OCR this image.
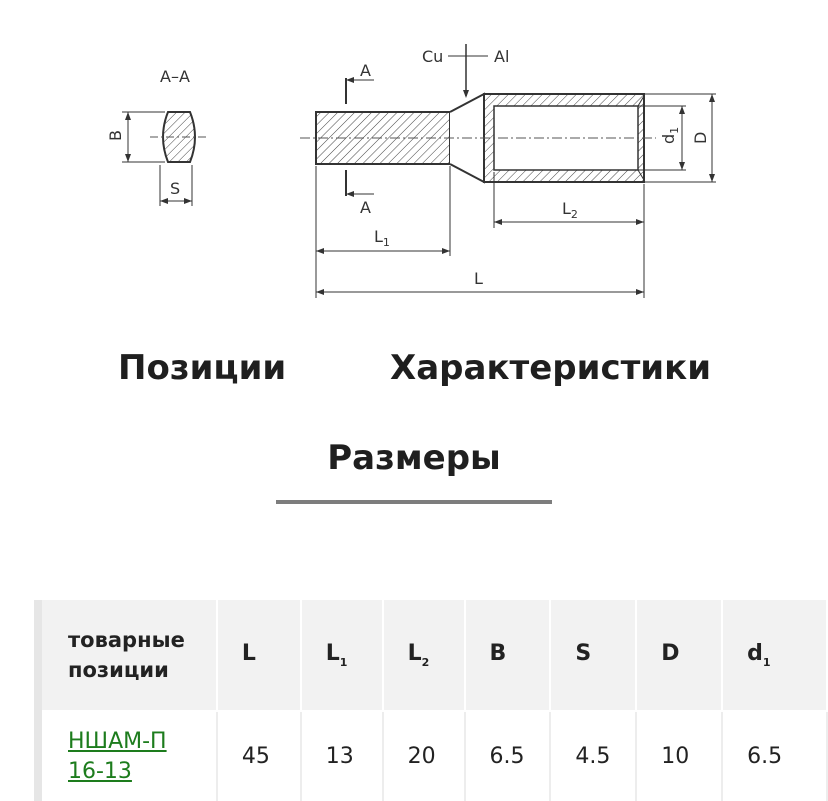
A–A
B
S
Cu	Al
A
A
$d_1$
D
$L_2$
$L_1$
L
Позиции	Характеристики
Размеры
товарные позиции	L	$L_1$	$L_2$	B	S	D	$d_1$

НШАМ-П 16-13	45	13	20	6.5	4.5	10	6.5
